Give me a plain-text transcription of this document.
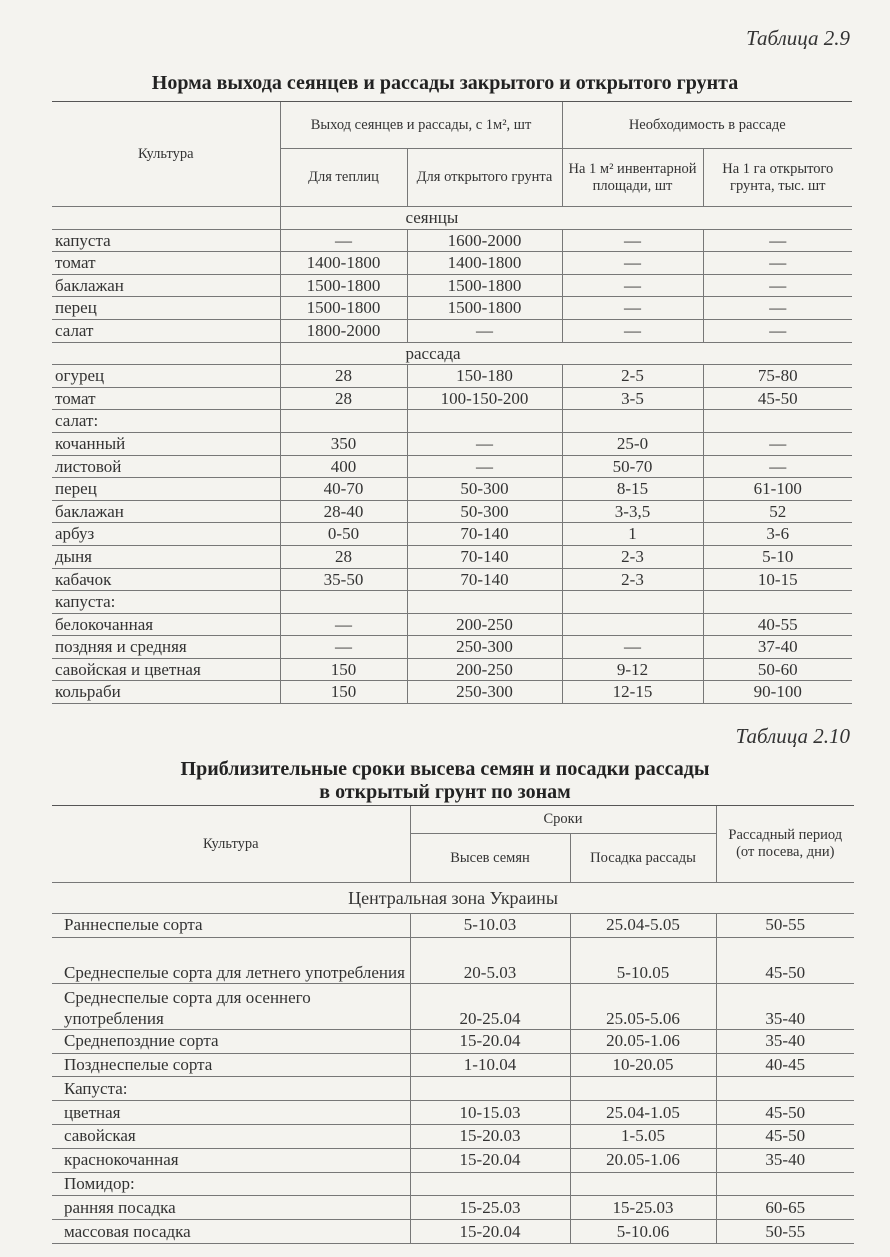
Таблица 2.9
Норма выхода сеянцев и рассады закрытого и открытого грунта
Культура	Выход сеянцев и рассады, с 1м², шт		Необходимость в рассаде	
	Для теплиц	Для открытого грунта	На 1 м² инвентарной площади, шт	На 1 га открытого грунта, тыс. шт
	сеянцы			
капуста	—	1600-2000	—	—
томат	1400-1800	1400-1800	—	—
баклажан	1500-1800	1500-1800	—	—
перец	1500-1800	1500-1800	—	—
салат	1800-2000	—	—	—
	рассада			
огурец	28	150-180	2-5	75-80
томат	28	100-150-200	3-5	45-50
салат:				
кочанный	350	—	25-0	—
листовой	400	—	50-70	—
перец	40-70	50-300	8-15	61-100
баклажан	28-40	50-300	3-3,5	52
арбуз	0-50	70-140	1	3-6
дыня	28	70-140	2-3	5-10
кабачок	35-50	70-140	2-3	10-15
капуста:				
белокочанная	—	200-250		40-55
поздняя и средняя	—	250-300	—	37-40
савойская и цветная	150	200-250	9-12	50-60
кольраби	150	250-300	12-15	90-100
Таблица 2.10
Приблизительные сроки высева семян и посадки рассады
в открытый грунт по зонам
Культура	Сроки		Рассадный период (от посева, дни)
	Высев семян	Посадка рассады	
Центральная зона Украины			
Раннеспелые сорта	5-10.03	25.04-5.05	50-55
Среднеспелые сорта для летнего употребления	20-5.03	5-10.05	45-50
Среднеспелые сорта для осеннего употребления	20-25.04	25.05-5.06	35-40
Среднепоздние сорта	15-20.04	20.05-1.06	35-40
Позднеспелые сорта	1-10.04	10-20.05	40-45
Капуста:			
цветная	10-15.03	25.04-1.05	45-50
савойская	15-20.03	1-5.05	45-50
краснокочанная	15-20.04	20.05-1.06	35-40
Помидор:			
ранняя посадка	15-25.03	15-25.03	60-65
массовая посадка	15-20.04	5-10.06	50-55
